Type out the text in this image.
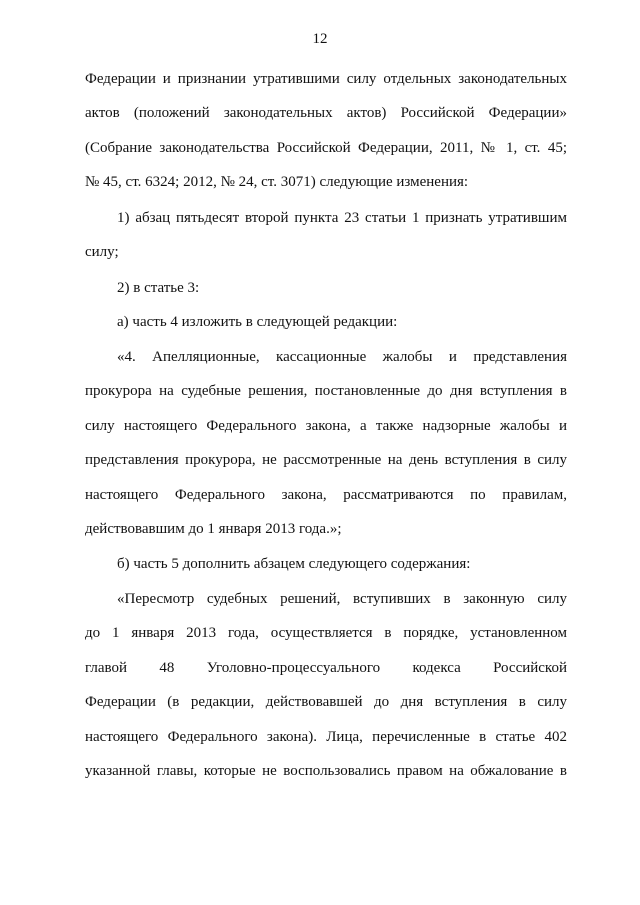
12
Федерации и признании утратившими силу отдельных законодательных
актов (положений законодательных актов) Российской Федерации»
(Собрание законодательства Российской Федерации, 2011, № 1, ст. 45;
№ 45, ст. 6324; 2012, № 24, ст. 3071) следующие изменения:
1) абзац пятьдесят второй пункта 23 статьи 1 признать утратившим
силу;
2) в статье 3:
а) часть 4 изложить в следующей редакции:
«4. Апелляционные, кассационные жалобы и представления
прокурора на судебные решения, постановленные до дня вступления в
силу настоящего Федерального закона, а также надзорные жалобы и
представления прокурора, не рассмотренные на день вступления в силу
настоящего Федерального закона, рассматриваются по правилам,
действовавшим до 1 января 2013 года.»;
б) часть 5 дополнить абзацем следующего содержания:
«Пересмотр судебных решений, вступивших в законную силу
до 1 января 2013 года, осуществляется в порядке, установленном
главой 48 Уголовно-процессуального кодекса Российской
Федерации (в редакции, действовавшей до дня вступления в силу
настоящего Федерального закона). Лица, перечисленные в статье 402
указанной главы, которые не воспользовались правом на обжалование в
